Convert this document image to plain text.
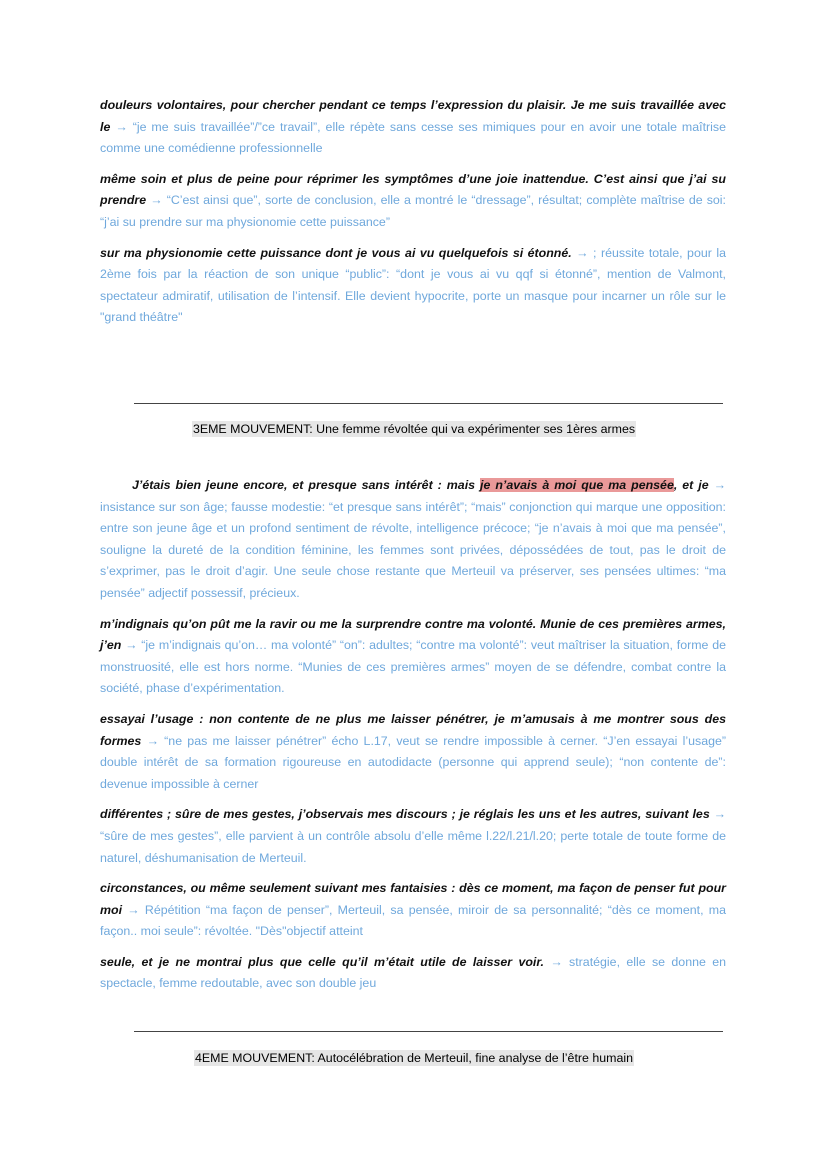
douleurs volontaires, pour chercher pendant ce temps l’expression du plaisir. Je me suis travaillée avec le → “je me suis travaillée”/”ce travail”, elle répète sans cesse ses mimiques pour en avoir une totale maîtrise comme une comédienne professionnelle

même soin et plus de peine pour réprimer les symptômes d’une joie inattendue. C’est ainsi que j’ai su prendre → “C’est ainsi que”, sorte de conclusion, elle a montré le “dressage”, résultat; complète maîtrise de soi: “j’ai su prendre sur ma physionomie cette puissance”

sur ma physionomie cette puissance dont je vous ai vu quelquefois si étonné. → ; réussite totale, pour la 2ème fois par la réaction de son unique “public”: “dont je vous ai vu qqf si étonné”, mention de Valmont, spectateur admiratif, utilisation de l’intensif. Elle devient hypocrite, porte un masque pour incarner un rôle sur le "grand théâtre"

3EME MOUVEMENT: Une femme révoltée qui va expérimenter ses 1ères armes

J’étais bien jeune encore, et presque sans intérêt : mais je n’avais à moi que ma pensée, et je → insistance sur son âge; fausse modestie: “et presque sans intérêt”; “mais” conjonction qui marque une opposition: entre son jeune âge et un profond sentiment de révolte, intelligence précoce; “je n’avais à moi que ma pensée”, souligne la dureté de la condition féminine, les femmes sont privées, dépossédées de tout, pas le droit de s’exprimer, pas le droit d’agir. Une seule chose restante que Merteuil va préserver, ses pensées ultimes: “ma pensée” adjectif possessif, précieux.

m’indignais qu’on pût me la ravir ou me la surprendre contre ma volonté. Munie de ces premières armes, j’en → “je m’indignais qu’on… ma volonté” “on”: adultes; “contre ma volonté”: veut maîtriser la situation, forme de monstruosité, elle est hors norme. “Munies de ces premières armes” moyen de se défendre, combat contre la société, phase d’expérimentation.

essayai l’usage : non contente de ne plus me laisser pénétrer, je m’amusais à me montrer sous des formes → “ne pas me laisser pénétrer” écho L.17, veut se rendre impossible à cerner. “J’en essayai l’usage” double intérêt de sa formation rigoureuse en autodidacte (personne qui apprend seule); “non contente de”: devenue impossible à cerner

différentes ; sûre de mes gestes, j’observais mes discours ; je réglais les uns et les autres, suivant les → “sûre de mes gestes”, elle parvient à un contrôle absolu d’elle même l.22/l.21/l.20; perte totale de toute forme de naturel, déshumanisation de Merteuil.

circonstances, ou même seulement suivant mes fantaisies : dès ce moment, ma façon de penser fut pour moi → Répétition “ma façon de penser”, Merteuil, sa pensée, miroir de sa personnalité; “dès ce moment, ma façon.. moi seule”: révoltée. "Dès"objectif atteint

seule, et je ne montrai plus que celle qu’il m’était utile de laisser voir. → stratégie, elle se donne en spectacle, femme redoutable, avec son double jeu

4EME MOUVEMENT: Autocélébration de Merteuil, fine analyse de l’être humain
